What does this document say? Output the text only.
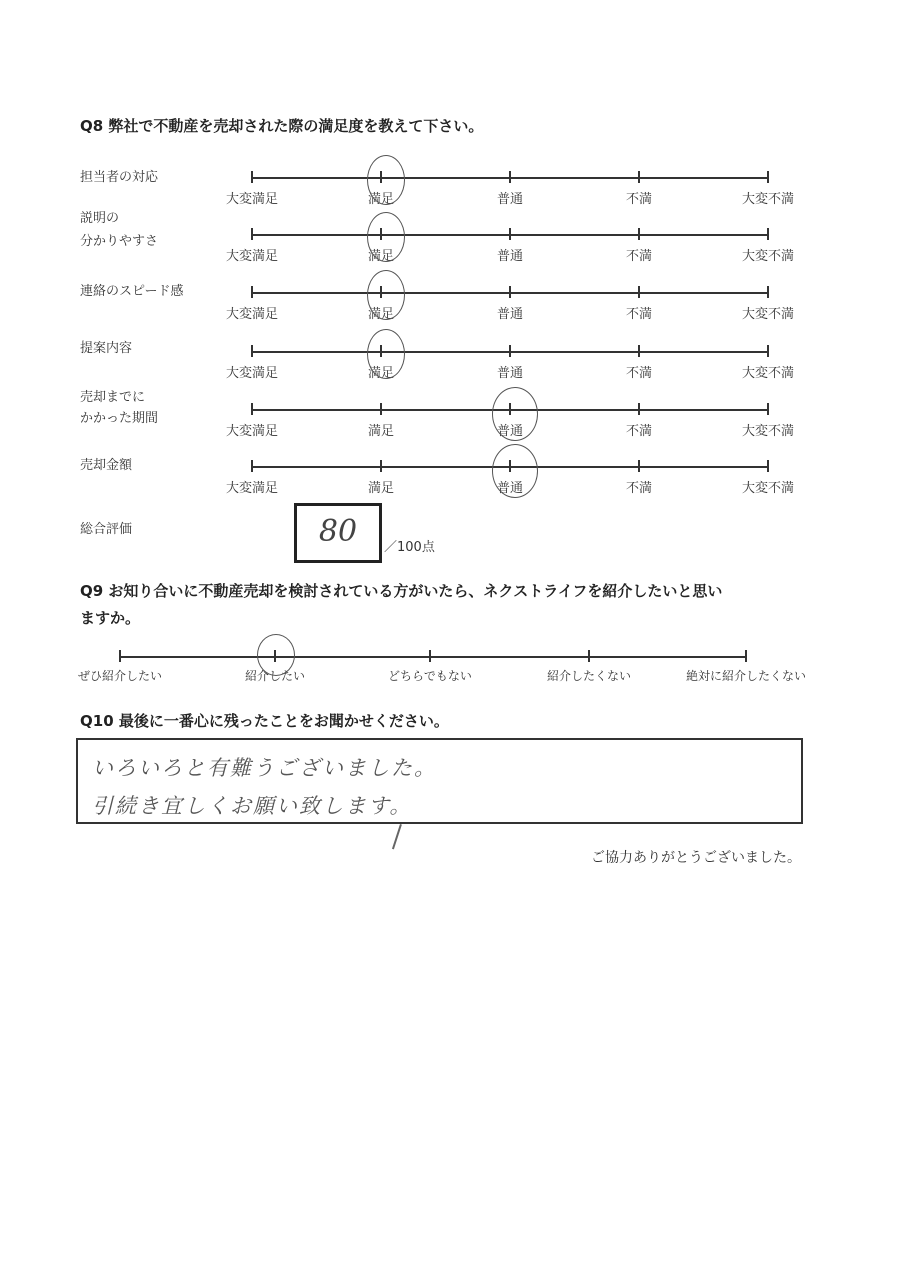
Q8 弊社で不動産を売却された際の満足度を教えて下さい。
担当者の対応
大変満足	満足	普通	不満	大変不満
説明の
分かりやすさ
大変満足	満足	普通	不満	大変不満
連絡のスピード感
大変満足	満足	普通	不満	大変不満
提案内容
大変満足	満足	普通	不満	大変不満
売却までに
かかった期間
大変満足	満足	普通	不満	大変不満
売却金額
大変満足	満足	普通	不満	大変不満
総合評価	80	／100点
Q9 お知り合いに不動産売却を検討されている方がいたら、ネクストライフを紹介したいと思い
ますか。
ぜひ紹介したい	紹介したい	どちらでもない	紹介したくない	絶対に紹介したくない
Q10 最後に一番心に残ったことをお聞かせください。
いろいろと有難うございました。
引続き宜しくお願い致します。
ご協力ありがとうございました。
